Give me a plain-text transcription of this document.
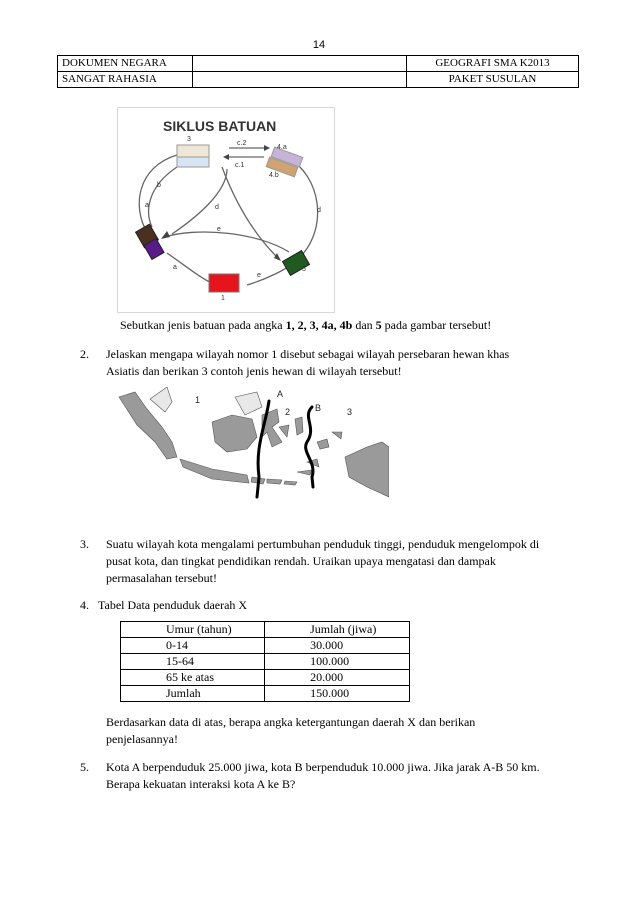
14
DOKUMEN NEGARA		GEOGRAFI SMA K2013
SANGAT RAHASIA		PAKET SUSULAN
SIKLUS BATUAN
1
3
4.a
4.b
5
c.2
c.1
b
a
d
d
e
a
e
Sebutkan jenis batuan pada angka 1, 2, 3, 4a, 4b dan 5 pada gambar tersebut!
2. Jelaskan mengapa wilayah nomor 1 disebut sebagai wilayah persebaran hewan khas
Asiatis dan berikan 3 contoh jenis hewan di wilayah tersebut!
1
A
2	B	3
3. Suatu wilayah kota mengalami pertumbuhan penduduk tinggi, penduduk mengelompok di
pusat kota, dan tingkat pendidikan rendah. Uraikan upaya mengatasi dan dampak
permasalahan tersebut!
4. Tabel Data penduduk daerah X
Umur (tahun)	Jumlah (jiwa)
0-14	30.000
15-64	100.000
65 ke atas	20.000
Jumlah	150.000
Berdasarkan data di atas, berapa angka ketergantungan daerah X dan berikan
penjelasannya!
5. Kota A berpenduduk 25.000 jiwa, kota B berpenduduk 10.000 jiwa. Jika jarak A-B 50 km.
Berapa kekuatan interaksi kota A ke B?
